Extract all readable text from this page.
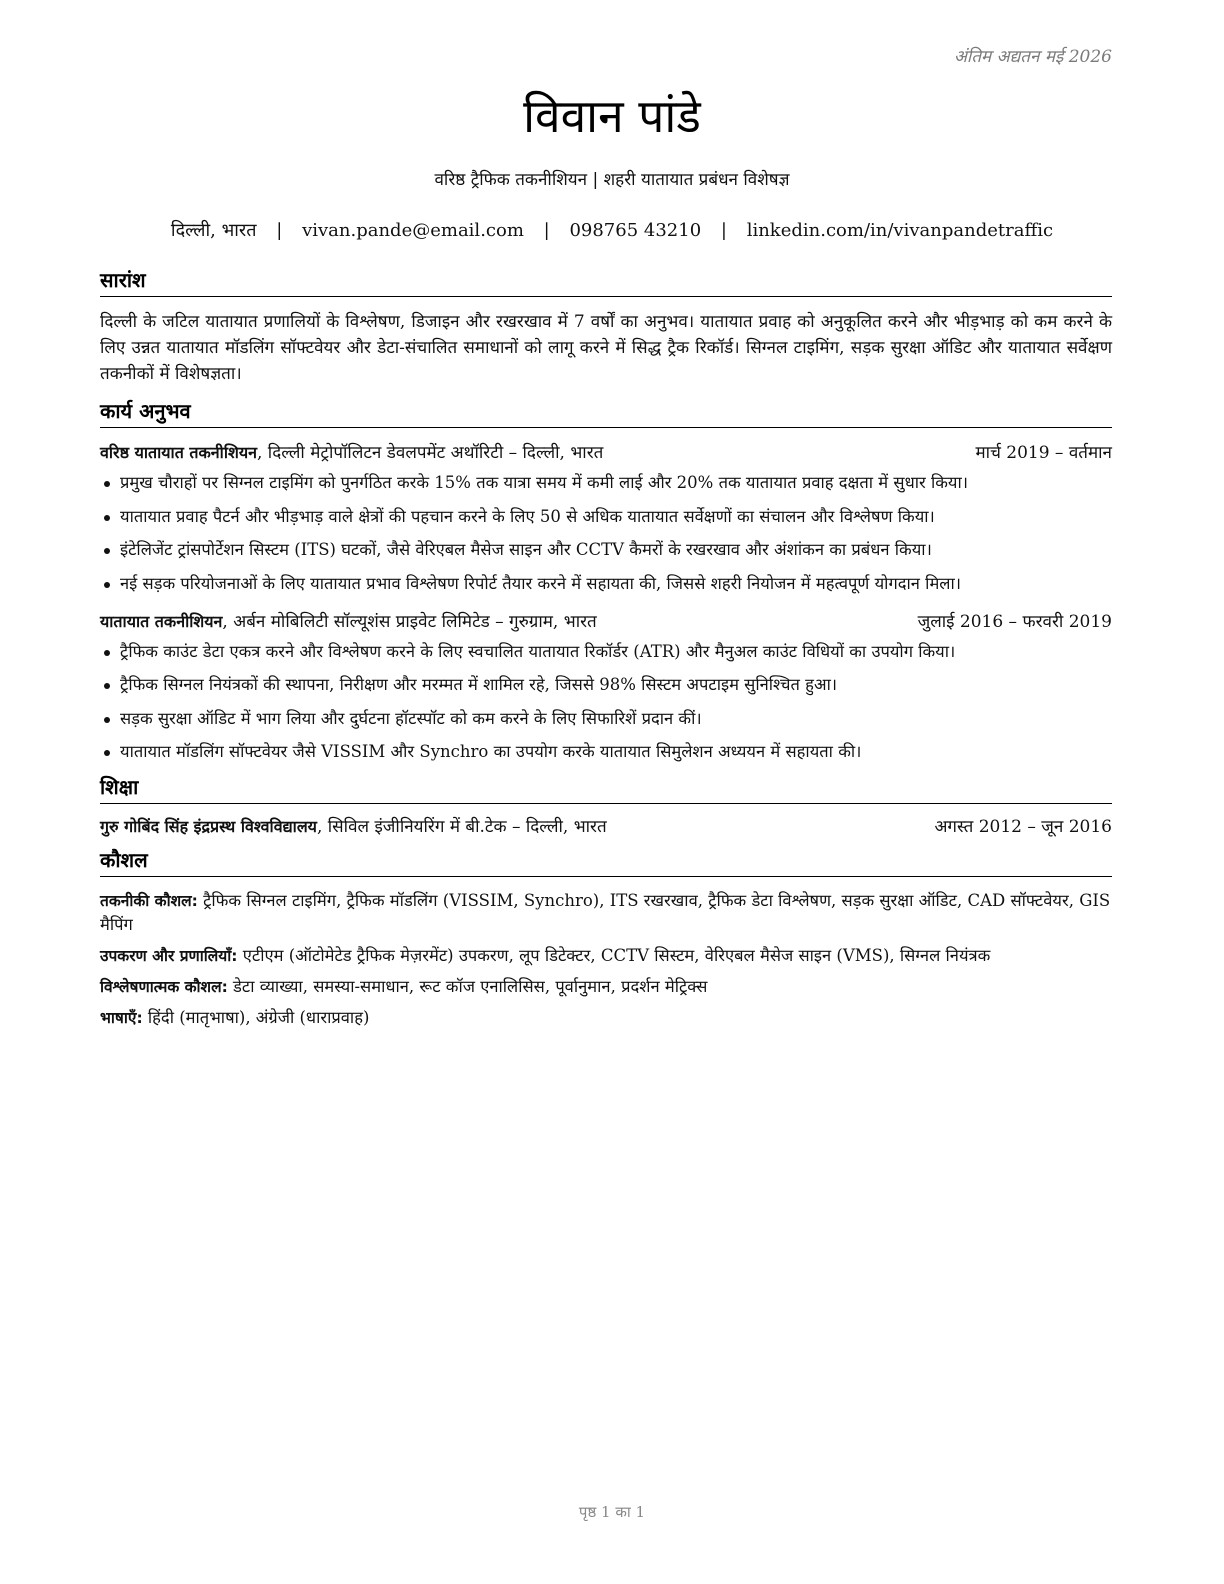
अंतिम अद्यतन मई 2026
विवान पांडे
वरिष्ठ ट्रैफिक तकनीशियन | शहरी यातायात प्रबंधन विशेषज्ञ
दिल्ली, भारत | vivan.pande@email.com | 098765 43210 | linkedin.com/in/vivanpandetraffic
सारांश

दिल्ली के जटिल यातायात प्रणालियों के विश्लेषण, डिजाइन और रखरखाव में 7 वर्षों का अनुभव। यातायात प्रवाह को अनुकूलित करने और भीड़भाड़ को कम करने के लिए उन्नत यातायात मॉडलिंग सॉफ्टवेयर और डेटा-संचालित समाधानों को लागू करने में सिद्ध ट्रैक रिकॉर्ड। सिग्नल टाइमिंग, सड़क सुरक्षा ऑडिट और यातायात सर्वेक्षण तकनीकों में विशेषज्ञता।

कार्य अनुभव
वरिष्ठ यातायात तकनीशियन, दिल्ली मेट्रोपॉलिटन डेवलपमेंट अथॉरिटी – दिल्ली, भारत	मार्च 2019 – वर्तमान
प्रमुख चौराहों पर सिग्नल टाइमिंग को पुनर्गठित करके 15% तक यात्रा समय में कमी लाई और 20% तक यातायात प्रवाह दक्षता में सुधार किया।
यातायात प्रवाह पैटर्न और भीड़भाड़ वाले क्षेत्रों की पहचान करने के लिए 50 से अधिक यातायात सर्वेक्षणों का संचालन और विश्लेषण किया।
इंटेलिजेंट ट्रांसपोर्टेशन सिस्टम (ITS) घटकों, जैसे वेरिएबल मैसेज साइन और CCTV कैमरों के रखरखाव और अंशांकन का प्रबंधन किया।
नई सड़क परियोजनाओं के लिए यातायात प्रभाव विश्लेषण रिपोर्ट तैयार करने में सहायता की, जिससे शहरी नियोजन में महत्वपूर्ण योगदान मिला।
यातायात तकनीशियन, अर्बन मोबिलिटी सॉल्यूशंस प्राइवेट लिमिटेड – गुरुग्राम, भारत	जुलाई 2016 – फरवरी 2019
ट्रैफिक काउंट डेटा एकत्र करने और विश्लेषण करने के लिए स्वचालित यातायात रिकॉर्डर (ATR) और मैनुअल काउंट विधियों का उपयोग किया।
ट्रैफिक सिग्नल नियंत्रकों की स्थापना, निरीक्षण और मरम्मत में शामिल रहे, जिससे 98% सिस्टम अपटाइम सुनिश्चित हुआ।
सड़क सुरक्षा ऑडिट में भाग लिया और दुर्घटना हॉटस्पॉट को कम करने के लिए सिफारिशें प्रदान कीं।
यातायात मॉडलिंग सॉफ्टवेयर जैसे VISSIM और Synchro का उपयोग करके यातायात सिमुलेशन अध्ययन में सहायता की।
शिक्षा
गुरु गोबिंद सिंह इंद्रप्रस्थ विश्वविद्यालय, सिविल इंजीनियरिंग में बी.टेक – दिल्ली, भारत	अगस्त 2012 – जून 2016
कौशल

तकनीकी कौशल: ट्रैफिक सिग्नल टाइमिंग, ट्रैफिक मॉडलिंग (VISSIM, Synchro), ITS रखरखाव, ट्रैफिक डेटा विश्लेषण, सड़क सुरक्षा ऑडिट, CAD सॉफ्टवेयर, GIS मैपिंग

उपकरण और प्रणालियाँ: एटीएम (ऑटोमेटेड ट्रैफिक मेज़रमेंट) उपकरण, लूप डिटेक्टर, CCTV सिस्टम, वेरिएबल मैसेज साइन (VMS), सिग्नल नियंत्रक

विश्लेषणात्मक कौशल: डेटा व्याख्या, समस्या-समाधान, रूट कॉज एनालिसिस, पूर्वानुमान, प्रदर्शन मेट्रिक्स

भाषाएँ: हिंदी (मातृभाषा), अंग्रेजी (धाराप्रवाह)

पृष्ठ 1 का 1
